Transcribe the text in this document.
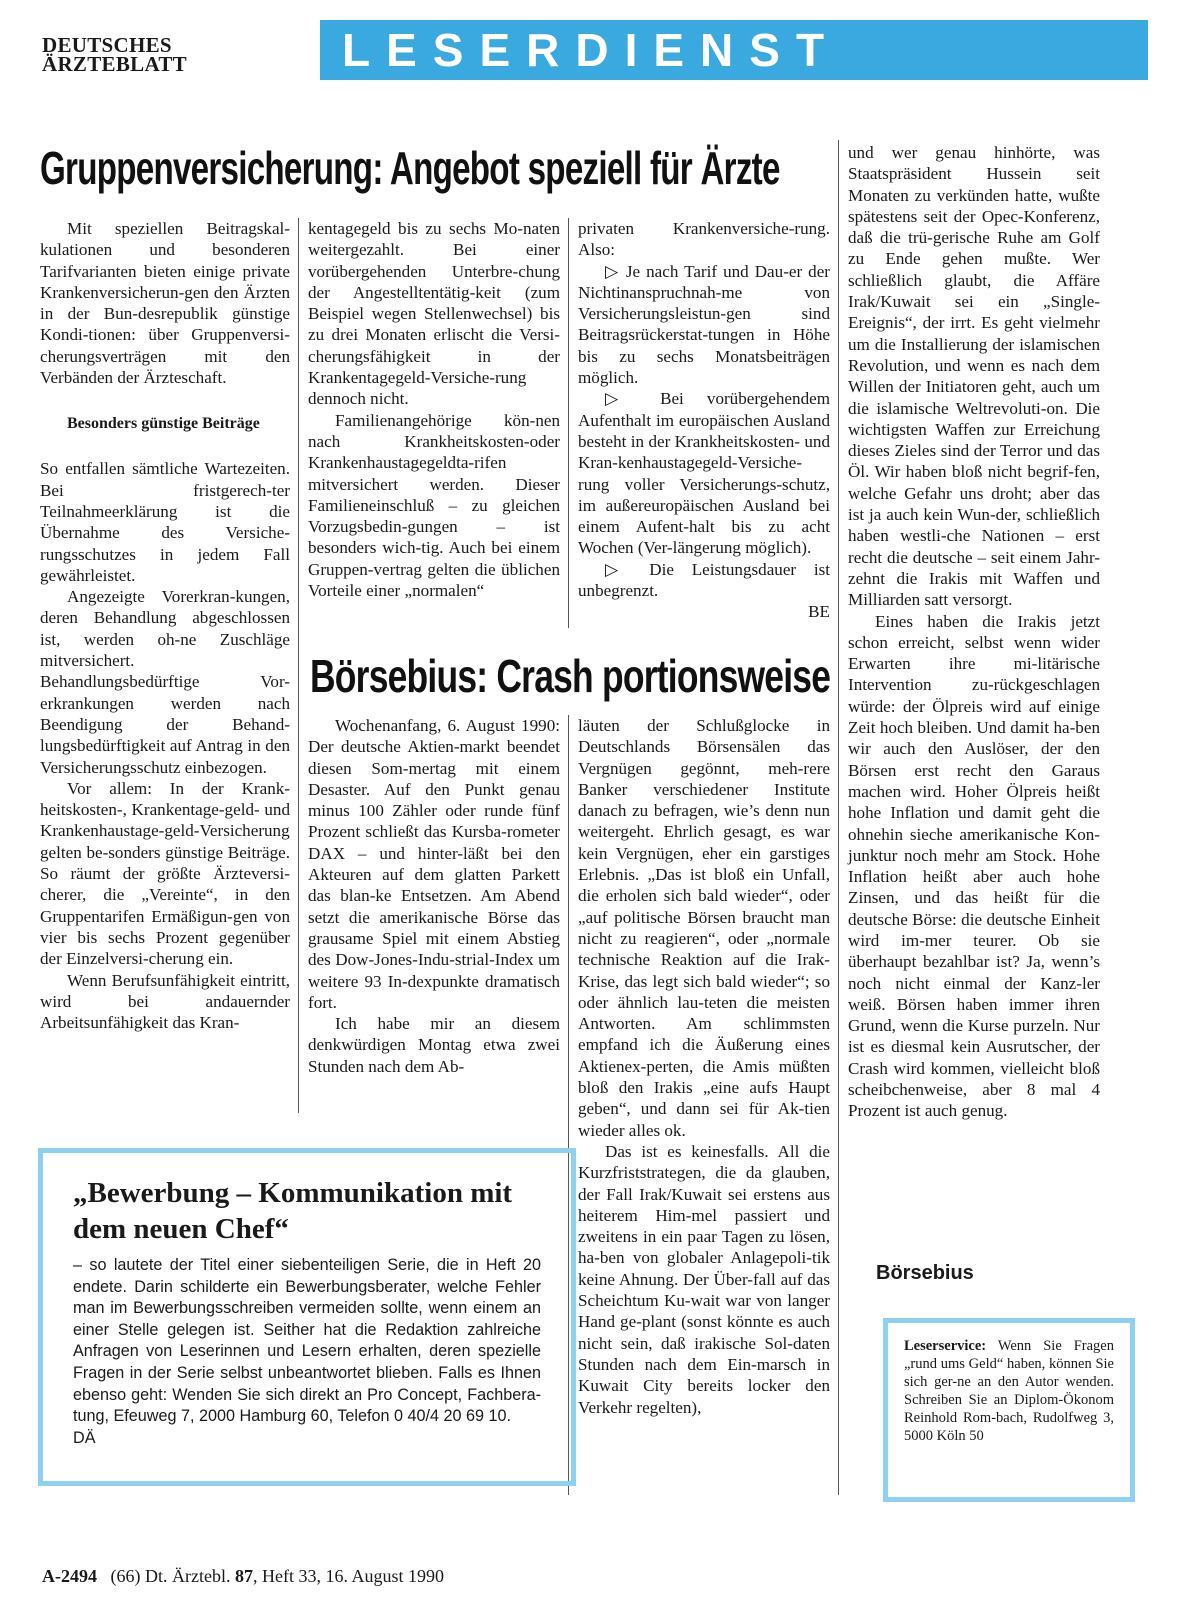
DEUTSCHES
ÄRZTEBLATT	LESERDIENST
Gruppenversicherung: Angebot speziell für Ärzte

Mit speziellen Beitragskal-kulationen und besonderen Tarifvarianten bieten einige private Krankenversicherun-gen den Ärzten in der Bun-desrepublik günstige Kondi-tionen: über Gruppenversi-cherungsverträgen mit den Verbänden der Ärzteschaft.

Besonders günstige Beiträge

So entfallen sämtliche Wartezeiten. Bei fristgerech-ter Teilnahmeerklärung ist die Übernahme des Versiche-rungsschutzes in jedem Fall gewährleistet.

Angezeigte Vorerkran-kungen, deren Behandlung abgeschlossen ist, werden oh-ne Zuschläge mitversichert. Behandlungsbedürftige Vor-erkrankungen werden nach Beendigung der Behand-lungsbedürftigkeit auf Antrag in den Versicherungsschutz einbezogen.

Vor allem: In der Krank-heitskosten-, Krankentage-geld- und Krankenhaustage-geld-Versicherung gelten be-sonders günstige Beiträge. So räumt der größte Ärzteversi-cherer, die „Vereinte“, in den Gruppentarifen Ermäßigun-gen von vier bis sechs Prozent gegenüber der Einzelversi-cherung ein.

Wenn Berufsunfähigkeit eintritt, wird bei andauernder Arbeitsunfähigkeit das Kran-

kentagegeld bis zu sechs Mo-naten weitergezahlt. Bei einer vorübergehenden Unterbre-chung der Angestelltentätig-keit (zum Beispiel wegen Stellenwechsel) bis zu drei Monaten erlischt die Versi-cherungsfähigkeit in der Krankentagegeld-Versiche-rung dennoch nicht.

Familienangehörige kön-nen nach Krankheitskosten-oder Krankenhaustagegeldta-rifen mitversichert werden. Dieser Familieneinschluß – zu gleichen Vorzugsbedin-gungen – ist besonders wich-tig. Auch bei einem Gruppen-vertrag gelten die üblichen Vorteile einer „normalen“

privaten Krankenversiche-rung. Also:

▷ Je nach Tarif und Dau-er der Nichtinanspruchnah-me von Versicherungsleistun-gen sind Beitragsrückerstat-tungen in Höhe bis zu sechs Monatsbeiträgen möglich.

▷ Bei vorübergehendem Aufenthalt im europäischen Ausland besteht in der Krankheitskosten- und Kran-kenhaustagegeld-Versiche-rung voller Versicherungs-schutz, im außereuropäischen Ausland bei einem Aufent-halt bis zu acht Wochen (Ver-längerung möglich).

▷ Die Leistungsdauer ist unbegrenzt.

BE
Börsebius: Crash portionsweise

Wochenanfang, 6. August 1990: Der deutsche Aktien-markt beendet diesen Som-mertag mit einem Desaster. Auf den Punkt genau minus 100 Zähler oder runde fünf Prozent schließt das Kursba-rometer DAX – und hinter-läßt bei den Akteuren auf dem glatten Parkett das blan-ke Entsetzen. Am Abend setzt die amerikanische Börse das grausame Spiel mit einem Abstieg des Dow-Jones-Indu-strial-Index um weitere 93 In-dexpunkte dramatisch fort.

Ich habe mir an diesem denkwürdigen Montag etwa zwei Stunden nach dem Ab-

läuten der Schlußglocke in Deutschlands Börsensälen das Vergnügen gegönnt, meh-rere Banker verschiedener Institute danach zu befragen, wie’s denn nun weitergeht. Ehrlich gesagt, es war kein Vergnügen, eher ein garstiges Erlebnis. „Das ist bloß ein Unfall, die erholen sich bald wieder“, oder „auf politische Börsen braucht man nicht zu reagieren“, oder „normale technische Reaktion auf die Irak-Krise, das legt sich bald wieder“; so oder ähnlich lau-teten die meisten Antworten. Am schlimmsten empfand ich die Äußerung eines Aktienex-perten, die Amis müßten bloß den Irakis „eine aufs Haupt geben“, und dann sei für Ak-tien wieder alles ok.

Das ist es keinesfalls. All die Kurzfriststrategen, die da glauben, der Fall Irak/Kuwait sei erstens aus heiterem Him-mel passiert und zweitens in ein paar Tagen zu lösen, ha-ben von globaler Anlagepoli-tik keine Ahnung. Der Über-fall auf das Scheichtum Ku-wait war von langer Hand ge-plant (sonst könnte es auch nicht sein, daß irakische Sol-daten Stunden nach dem Ein-marsch in Kuwait City bereits locker den Verkehr regelten),

und wer genau hinhörte, was Staatspräsident Hussein seit Monaten zu verkünden hatte, wußte spätestens seit der Opec-Konferenz, daß die trü-gerische Ruhe am Golf zu Ende gehen mußte. Wer schließlich glaubt, die Affäre Irak/Kuwait sei ein „Single-Ereignis“, der irrt. Es geht vielmehr um die Installierung der islamischen Revolution, und wenn es nach dem Willen der Initiatoren geht, auch um die islamische Weltrevoluti-on. Die wichtigsten Waffen zur Erreichung dieses Zieles sind der Terror und das Öl. Wir haben bloß nicht begrif-fen, welche Gefahr uns droht; aber das ist ja auch kein Wun-der, schließlich haben westli-che Nationen – erst recht die deutsche – seit einem Jahr-zehnt die Irakis mit Waffen und Milliarden satt versorgt.

Eines haben die Irakis jetzt schon erreicht, selbst wenn wider Erwarten ihre mi-litärische Intervention zu-rückgeschlagen würde: der Ölpreis wird auf einige Zeit hoch bleiben. Und damit ha-ben wir auch den Auslöser, der den Börsen erst recht den Garaus machen wird. Hoher Ölpreis heißt hohe Inflation und damit geht die ohnehin sieche amerikanische Kon-junktur noch mehr am Stock. Hohe Inflation heißt aber auch hohe Zinsen, und das heißt für die deutsche Börse: die deutsche Einheit wird im-mer teurer. Ob sie überhaupt bezahlbar ist? Ja, wenn’s noch nicht einmal der Kanz-ler weiß. Börsen haben immer ihren Grund, wenn die Kurse purzeln. Nur ist es diesmal kein Ausrutscher, der Crash wird kommen, vielleicht bloß scheibchenweise, aber 8 mal 4 Prozent ist auch genug.

Börsebius
„Bewerbung – Kommunikation mit dem neuen Chef“
– so lautete der Titel einer siebenteiligen Serie, die in Heft 20 endete. Darin schilderte ein Bewerbungsberater, welche Fehler man im Bewerbungsschreiben vermeiden sollte, wenn einem an einer Stelle gelegen ist. Seither hat die Redaktion zahlreiche Anfragen von Leserinnen und Lesern erhalten, deren spezielle Fragen in der Serie selbst unbeantwortet blieben. Falls es Ihnen ebenso geht: Wenden Sie sich direkt an Pro Concept, Fachbera-tung, Efeuweg 7, 2000 Hamburg 60, Telefon 0 40/4 20 69 10.
DÄ
Leserservice: Wenn Sie Fragen „rund ums Geld“ haben, können Sie sich ger-ne an den Autor wenden. Schreiben Sie an Diplom-Ökonom Reinhold Rom-bach, Rudolfweg 3, 5000 Köln 50
A-2494 (66) Dt. Ärztebl. 87, Heft 33, 16. August 1990
